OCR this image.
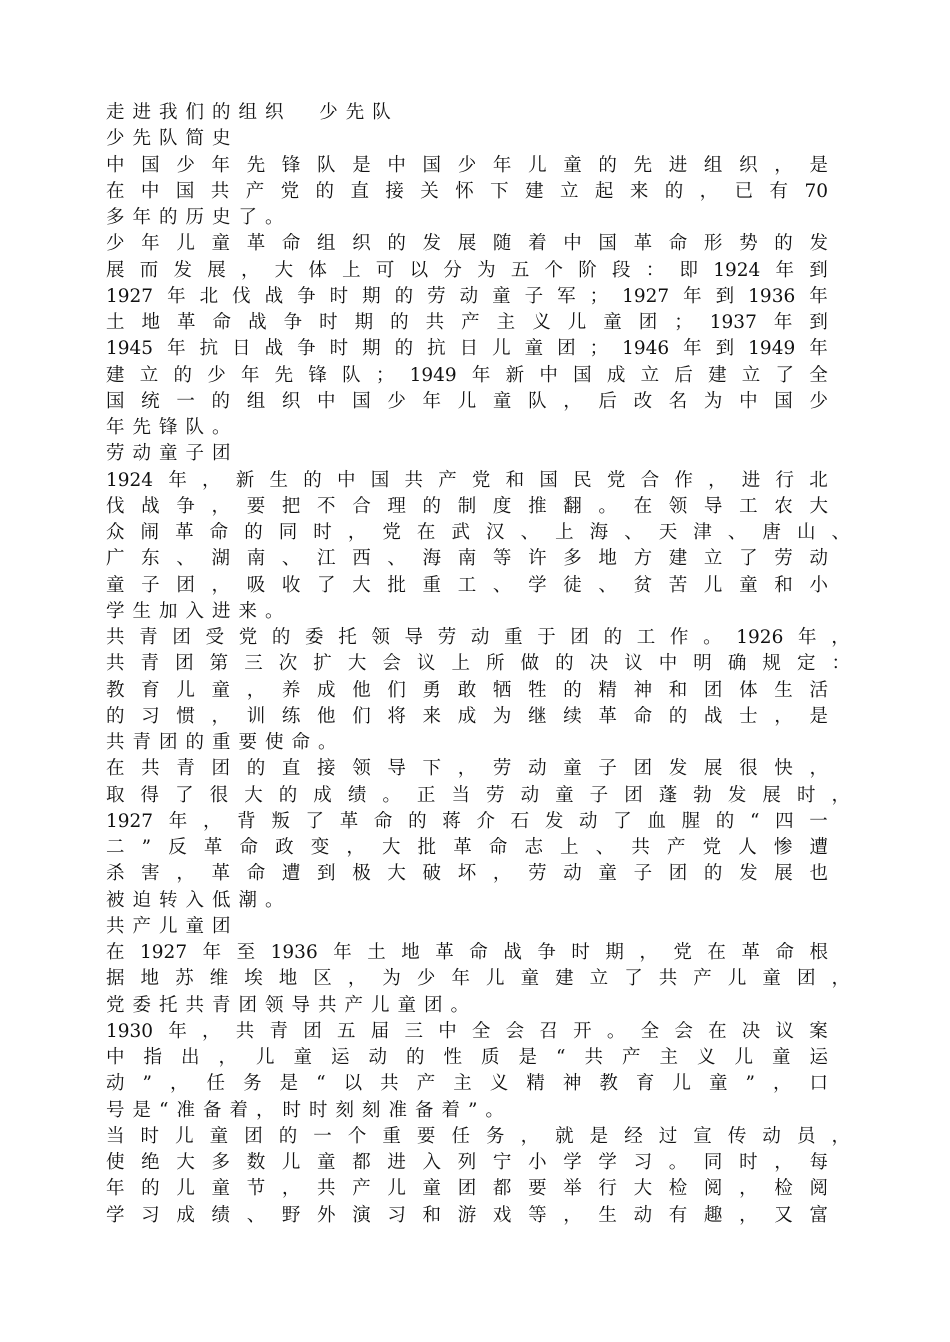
走进我们的组织  少先队
少先队简史
中 国 少 年 先 锋 队 是 中 国 少 年 儿 童 的 先 进 组 织 ， 是
在 中 国 共 产 党 的 直 接 关 怀 下 建 立 起 来 的 ， 已 有 70
多年的历史了。
少 年 儿 童 革 命 组 织 的 发 展 随 着 中 国 革 命 形 势 的 发
展 而 发 展 ， 大 体 上 可 以 分 为 五 个 阶 段 ： 即 1924 年 到
1927 年 北 伐 战 争 时 期 的 劳 动 童 子 军 ； 1927 年 到 1936 年
土 地 革 命 战 争 时 期 的 共 产 主 义 儿 童 团 ； 1937 年 到
1945 年 抗 日 战 争 时 期 的 抗 日 儿 童 团 ； 1946 年 到 1949 年
建 立 的 少 年 先 锋 队 ； 1949 年 新 中 国 成 立 后 建 立 了 全
国 统 一 的 组 织 中 国 少 年 儿 童 队 ， 后 改 名 为 中 国 少
年先锋队。
劳动童子团
1924 年 ， 新 生 的 中 国 共 产 党 和 国 民 党 合 作 ， 进 行 北
伐 战 争 ， 要 把 不 合 理 的 制 度 推 翻 。 在 领 导 工 农 大
众 闹 革 命 的 同 时 ， 党 在 武 汉 、 上 海 、 天 津 、 唐 山 、
广 东 、 湖 南 、 江 西 、 海 南 等 许 多 地 方 建 立 了 劳 动
童 子 团 ， 吸 收 了 大 批 重 工 、 学 徒 、 贫 苦 儿 童 和 小
学生加入进来。
共 青 团 受 党 的 委 托 领 导 劳 动 重 于 团 的 工 作 。 1926 年 ，
共 青 团 第 三 次 扩 大 会 议 上 所 做 的 决 议 中 明 确 规 定 ：
教 育 儿 童 ， 养 成 他 们 勇 敢 牺 牲 的 精 神 和 团 体 生 活
的 习 惯 ， 训 练 他 们 将 来 成 为 继 续 革 命 的 战 士 ， 是
共青团的重要使命。
在 共 青 团 的 直 接 领 导 下 ， 劳 动 童 子 团 发 展 很 快 ，
取 得 了 很 大 的 成 绩 。 正 当 劳 动 童 子 团 蓬 勃 发 展 时 ，
1927 年 ， 背 叛 了 革 命 的 蒋 介 石 发 动 了 血 腥 的 “ 四 一
二 ” 反 革 命 政 变 ， 大 批 革 命 志 上 、 共 产 党 人 惨 遭
杀 害 ， 革 命 遭 到 极 大 破 坏 ， 劳 动 童 子 团 的 发 展 也
被迫转入低潮。
共产儿童团
在 1927 年 至 1936 年 土 地 革 命 战 争 时 期 ， 党 在 革 命 根
据 地 苏 维 埃 地 区 ， 为 少 年 儿 童 建 立 了 共 产 儿 童 团 ，
党委托共青团领导共产儿童团。
1930 年 ， 共 青 团 五 届 三 中 全 会 召 开 。 全 会 在 决 议 案
中 指 出 ， 儿 童 运 动 的 性 质 是 “ 共 产 主 义 儿 童 运
动 ” ， 任 务 是 “ 以 共 产 主 义 精 神 教 育 儿 童 ” ， 口
号是“准备着，时时刻刻准备着”。
当 时 儿 童 团 的 一 个 重 要 任 务 ， 就 是 经 过 宣 传 动 员 ，
使 绝 大 多 数 儿 童 都 进 入 列 宁 小 学 学 习 。 同 时 ， 每
年 的 儿 童 节 ， 共 产 儿 童 团 都 要 举 行 大 检 阅 ， 检 阅
学 习 成 绩 、 野 外 演 习 和 游 戏 等 ， 生 动 有 趣 ， 又 富
